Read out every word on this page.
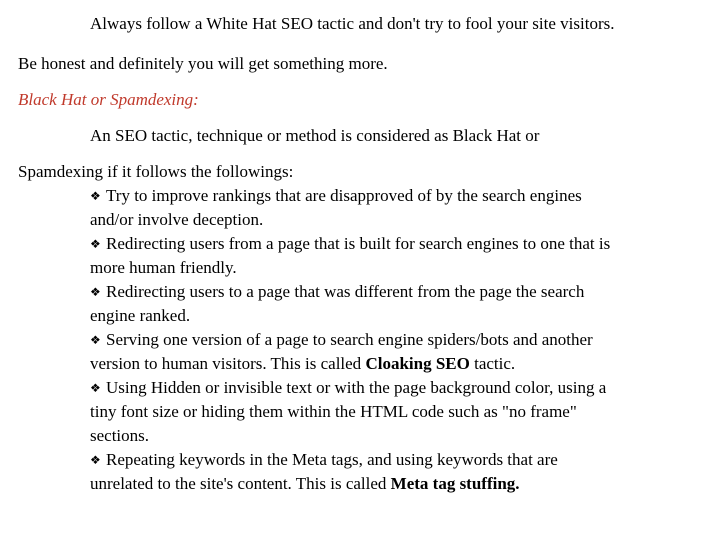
Always follow a White Hat SEO tactic and don't try to fool your site visitors.
Be honest and definitely you will get something more.
Black Hat or Spamdexing:
An SEO tactic, technique or method is considered as Black Hat or
Spamdexing if it follows the followings:
❖Try to improve rankings that are disapproved of by the search engines
and/or involve deception.
❖Redirecting users from a page that is built for search engines to one that is
more human friendly.
❖Redirecting users to a page that was different from the page the search
engine ranked.
❖Serving one version of a page to search engine spiders/bots and another
version to human visitors. This is called Cloaking SEO tactic.
❖Using Hidden or invisible text or with the page background color, using a
tiny font size or hiding them within the HTML code such as "no frame"
sections.
❖Repeating keywords in the Meta tags, and using keywords that are
unrelated to the site's content. This is called Meta tag stuffing.
